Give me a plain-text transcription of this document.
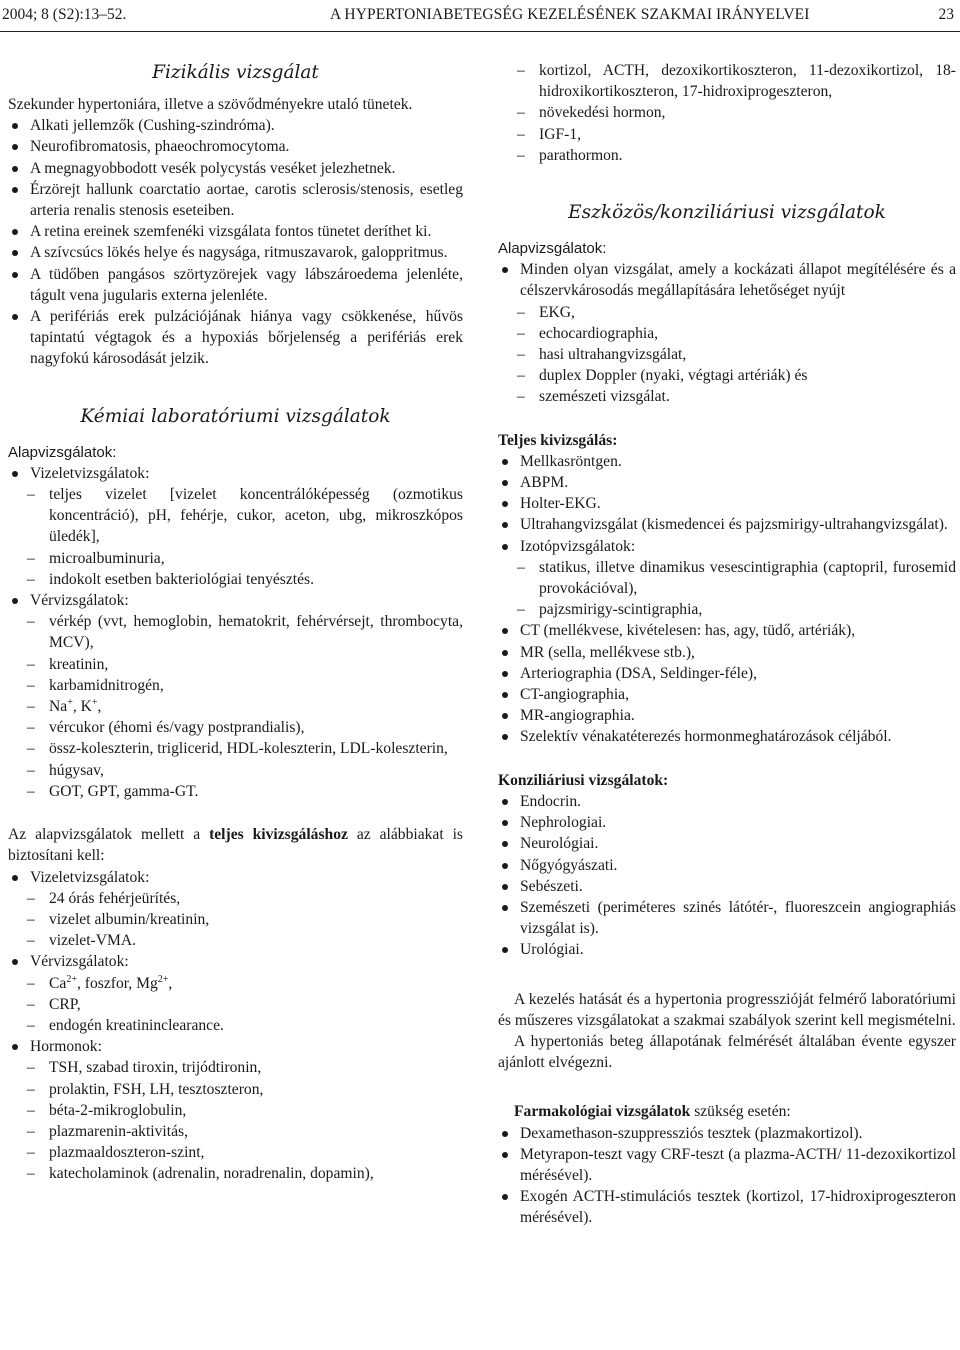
2004; 8 (S2):13–52.	A HYPERTONIABETEGSÉG KEZELÉSÉNEK SZAKMAI IRÁNYELVEI	23
Fizikális vizsgálat

Szekunder hypertoniára, illetve a szövődményekre utaló tünetek.

Alkati jellemzők (Cushing-szindróma).
Neurofibromatosis, phaeochromocytoma.
A megnagyobbodott vesék polycystás veséket jelezhetnek.
Érzörejt hallunk coarctatio aortae, carotis sclerosis/stenosis, esetleg arteria renalis stenosis eseteiben.
A retina ereinek szemfenéki vizsgálata fontos tünetet deríthet ki.
A szívcsúcs lökés helye és nagysága, ritmuszavarok, galoppritmus.
A tüdőben pangásos szörtyzörejek vagy lábszároedema jelenléte, tágult vena jugularis externa jelenléte.
A perifériás erek pulzációjának hiánya vagy csökkenése, hűvös tapintatú végtagok és a hypoxiás bőrjelenség a perifériás erek nagyfokú károsodását jelzik.
Kémiai laboratóriumi vizsgálatok
Alapvizsgálatok:
Vizeletvizsgálatok:
– teljes vizelet [vizelet koncentrálóképesség (ozmotikus koncentráció), pH, fehérje, cukor, aceton, ubg, mikroszkópos üledék],
– microalbuminuria,
– indokolt esetben bakteriológiai tenyésztés.
Vérvizsgálatok:
– vérkép (vvt, hemoglobin, hematokrit, fehérvérsejt, thrombocyta, MCV),
– kreatinin,
– karbamidnitrogén,
– Na+, K+,
– vércukor (éhomi és/vagy postprandialis),
– össz-koleszterin, triglicerid, HDL-koleszterin, LDL-koleszterin,
– húgysav,
– GOT, GPT, gamma-GT.

Az alapvizsgálatok mellett a teljes kivizsgáláshoz az alábbiakat is biztosítani kell:

Vizeletvizsgálatok:
– 24 órás fehérjeürítés,
– vizelet albumin/kreatinin,
– vizelet-VMA.
Vérvizsgálatok:
– $Ca^{2+}$, foszfor, $Mg^{2+}$,
– CRP,
– endogén kreatininclearance.
Hormonok:
– TSH, szabad tiroxin, trijódtironin,
– prolaktin, FSH, LH, tesztoszteron,
– béta-2-mikroglobulin,
– plazmarenin-aktivitás,
– plazmaaldoszteron-szint,
– katecholaminok (adrenalin, noradrenalin, dopamin),
– kortizol, ACTH, dezoxikortikoszteron, 11-dezoxikortizol, 18-hidroxikortikoszteron, 17-hidroxiprogeszteron,
– növekedési hormon,
– IGF-1,
– parathormon.
Eszközös/konziliáriusi vizsgálatok
Alapvizsgálatok:
Minden olyan vizsgálat, amely a kockázati állapot megítélésére és a célszervkárosodás megállapítására lehetőséget nyújt
– EKG,
– echocardiographia,
– hasi ultrahangvizsgálat,
– duplex Doppler (nyaki, végtagi artériák) és
– szemészeti vizsgálat.
Teljes kivizsgálás:
Mellkasröntgen.
ABPM.
Holter-EKG.
Ultrahangvizsgálat (kismedencei és pajzsmirigy-ultrahangvizsgálat).
Izotópvizsgálatok:
– statikus, illetve dinamikus vesescintigraphia (captopril, furosemid provokációval),
– pajzsmirigy-scintigraphia,
CT (mellékvese, kivételesen: has, agy, tüdő, artériák),
MR (sella, mellékvese stb.),
Arteriographia (DSA, Seldinger-féle),
CT-angiographia,
MR-angiographia.
Szelektív vénakatéterezés hormonmeghatározások céljából.
Konziliáriusi vizsgálatok:
Endocrin.
Nephrologiai.
Neurológiai.
Nőgyógyászati.
Sebészeti.
Szemészeti (periméteres szinés látótér-, fluoreszcein angiographiás vizsgálat is).
Urológiai.

A kezelés hatását és a hypertonia progresszióját felmérő laboratóriumi és műszeres vizsgálatokat a szakmai szabályok szerint kell megismételni.

A hypertoniás beteg állapotának felmérését általában évente egyszer ajánlott elvégezni.

Farmakológiai vizsgálatok szükség esetén:
Dexamethason-szuppressziós tesztek (plazmakortizol).
Metyrapon-teszt vagy CRF-teszt (a plazma-ACTH/ 11-dezoxikortizol mérésével).
Exogén ACTH-stimulációs tesztek (kortizol, 17-hidroxiprogeszteron mérésével).
